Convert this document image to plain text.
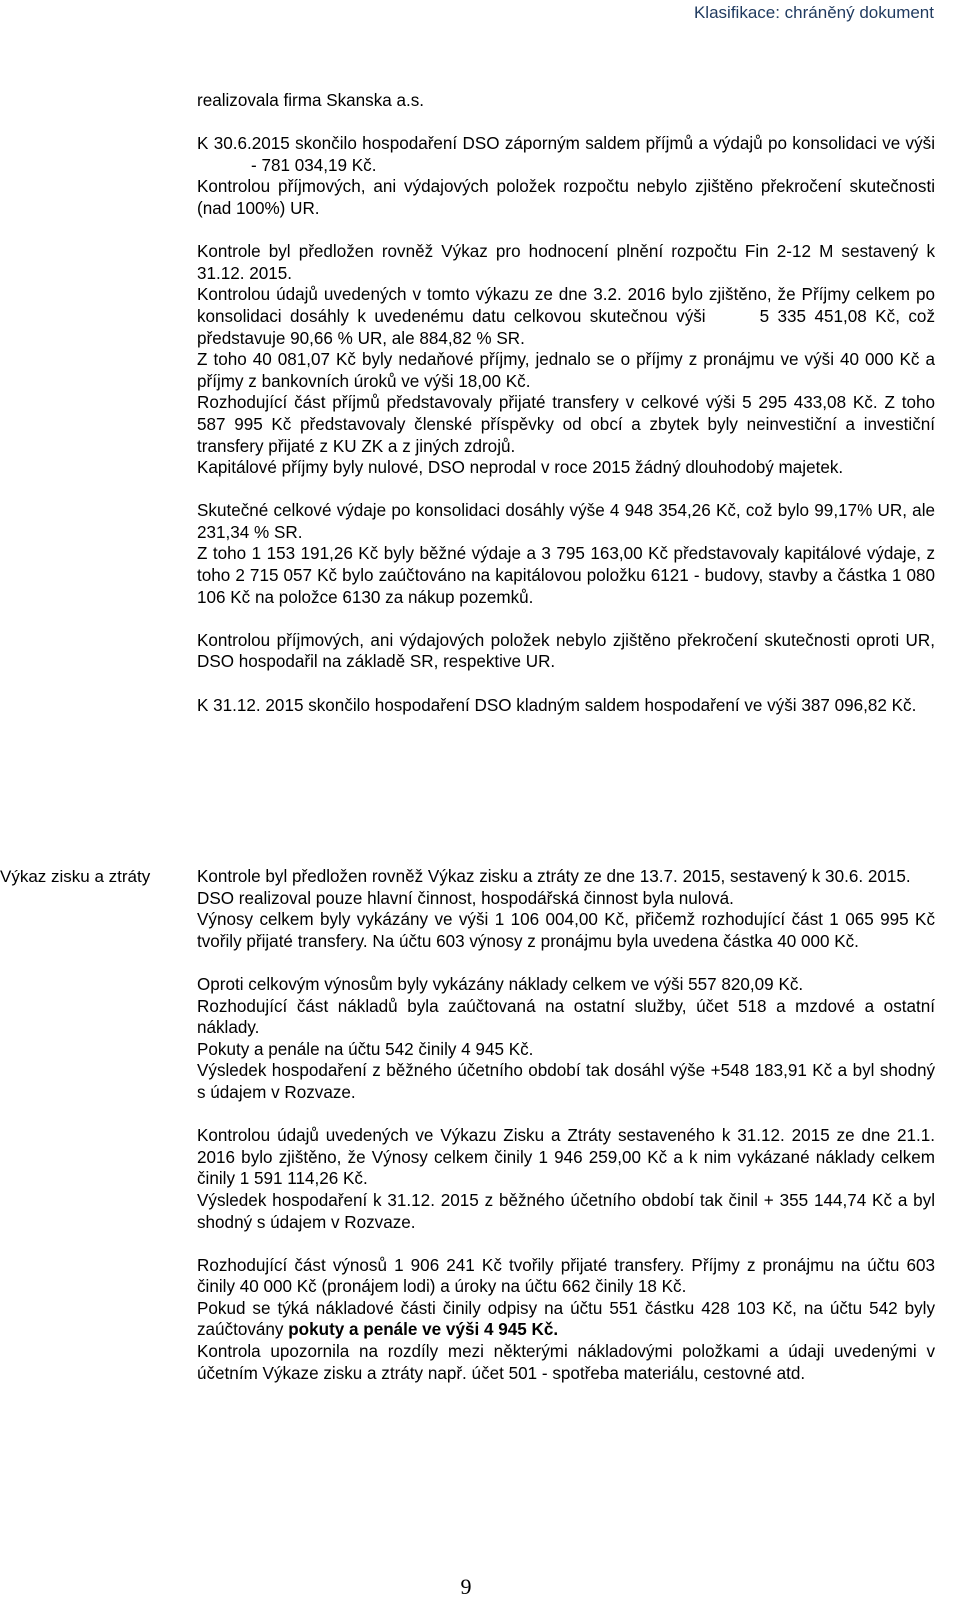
Klasifikace: chráněný dokument

realizovala firma Skanska a.s.

K 30.6.2015 skončilo hospodaření DSO záporným saldem příjmů a výdajů po konsolidaci ve výši- 781 034,19 Kč.

Kontrolou příjmových, ani výdajových položek rozpočtu nebylo zjištěno překročení skutečnosti (nad 100%) UR.

Kontrole byl předložen rovněž Výkaz pro hodnocení plnění rozpočtu Fin 2-12 M sestavený k 31.12. 2015.

Kontrolou údajů uvedených v tomto výkazu ze dne 3.2. 2016 bylo zjištěno, že Příjmy celkem po konsolidaci dosáhly k uvedenému datu celkovou skutečnou výši	5 335 451,08 Kč, což představuje 90,66 % UR, ale 884,82 % SR.

Z toho 40 081,07 Kč byly nedaňové příjmy, jednalo se o příjmy z pronájmu ve výši 40 000 Kč a příjmy z bankovních úroků ve výši 18,00 Kč.

Rozhodující část příjmů představovaly přijaté transfery v celkové výši 5 295 433,08 Kč. Z toho 587 995 Kč představovaly členské příspěvky od obcí a zbytek byly neinvestiční a investiční transfery přijaté z KU ZK a z jiných zdrojů.

Kapitálové příjmy byly nulové, DSO neprodal v roce 2015 žádný dlouhodobý majetek.

Skutečné celkové výdaje po konsolidaci dosáhly výše 4 948 354,26 Kč, což bylo 99,17% UR, ale 231,34 % SR.

Z toho 1 153 191,26 Kč byly běžné výdaje a 3 795 163,00 Kč představovaly kapitálové výdaje, z toho 2 715 057 Kč bylo zaúčtováno na kapitálovou položku 6121 - budovy, stavby a částka 1 080 106 Kč na položce 6130 za nákup pozemků.

Kontrolou příjmových, ani výdajových položek nebylo zjištěno překročení skutečnosti oproti UR, DSO hospodařil na základě SR, respektive UR.

K 31.12. 2015 skončilo hospodaření DSO kladným saldem hospodaření ve výši 387 096,82 Kč.

Výkaz zisku a ztráty	Kontrole byl předložen rovněž Výkaz zisku a ztráty ze dne 13.7. 2015, sestavený k 30.6. 2015.

DSO realizoval pouze hlavní činnost, hospodářská činnost byla nulová.

Výnosy celkem byly vykázány ve výši 1 106 004,00 Kč, přičemž rozhodující část 1 065 995 Kč tvořily přijaté transfery. Na účtu 603 výnosy z pronájmu byla uvedena částka 40 000 Kč.

Oproti celkovým výnosům byly vykázány náklady celkem ve výši 557 820,09 Kč.

Rozhodující část nákladů byla zaúčtovaná na ostatní služby, účet 518 a mzdové a ostatní náklady.

Pokuty a penále na účtu 542 činily 4 945 Kč.

Výsledek hospodaření z běžného účetního období tak dosáhl výše +548 183,91 Kč a byl shodný s údajem v Rozvaze.

Kontrolou údajů uvedených ve Výkazu Zisku a Ztráty sestaveného k 31.12. 2015 ze dne 21.1. 2016 bylo zjištěno, že Výnosy celkem činily 1 946 259,00 Kč a k nim vykázané náklady celkem činily 1 591 114,26 Kč.

Výsledek hospodaření k 31.12. 2015 z běžného účetního období tak činil + 355 144,74 Kč a byl shodný s údajem v Rozvaze.

Rozhodující část výnosů 1 906 241 Kč tvořily přijaté transfery. Příjmy z pronájmu na účtu 603 činily 40 000 Kč (pronájem lodi) a úroky na účtu 662 činily 18 Kč.

Pokud se týká nákladové části činily odpisy na účtu 551 částku 428 103 Kč, na účtu 542 byly zaúčtovány pokuty a penále ve výši 4 945 Kč.

Kontrola upozornila na rozdíly mezi některými nákladovými položkami a údaji uvedenými v účetním Výkaze zisku a ztráty např. účet 501 - spotřeba materiálu, cestovné atd.

9
